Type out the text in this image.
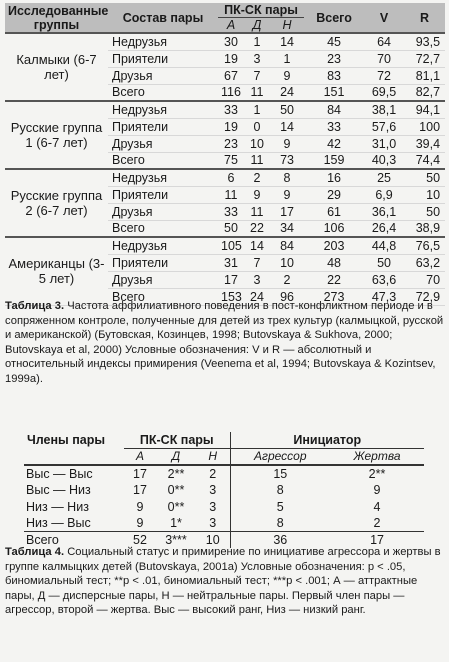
Исследованные группы	Состав пары	ПК-СК пары			Всего	V	R
		А	Д	Н			
Калмыки (6-7 лет)	Недрузья	30	1	14	45	64	93,5
	Приятели	19	3	1	23	70	72,7
	Друзья	67	7	9	83	72	81,1
	Всего	116	11	24	151	69,5	82,7
Русские группа 1 (6-7 лет)	Недрузья	33	1	50	84	38,1	94,1
	Приятели	19	0	14	33	57,6	100
	Друзья	23	10	9	42	31,0	39,4
	Всего	75	11	73	159	40,3	74,4
Русские группа 2 (6-7 лет)	Недрузья	6	2	8	16	25	50
	Приятели	11	9	9	29	6,9	10
	Друзья	33	11	17	61	36,1	50
	Всего	50	22	34	106	26,4	38,9
Американцы (3-5 лет)	Недрузья	105	14	84	203	44,8	76,5
	Приятели	31	7	10	48	50	63,2
	Друзья	17	3	2	22	63,6	70
	Всего	153	24	96	273	47,3	72,9
Таблица 3. Частота аффилиативного поведения в пост-конфликтном периоде и в сопряженном контроле, полученные для детей из трех культур (калмыцкой, русской и американской) (Бутовская, Козинцев, 1998; Butovskaya & Sukhova, 2000; Butovskaya et al, 2000) Условные обозначения: V и R — абсолютный и относительный индексы примирения (Veenema et al, 1994; Butovskaya & Kozintsev, 1999a).
Члены пары	ПК-СК пары			Инициатор	
	А	Д	Н	Агрессор	Жертва
Выс — Выс	17	2**	2	15	2**
Выс — Низ	17	0**	3	8	9
Низ — Низ	9	0**	3	5	4
Низ — Выс	9	1*	3	8	2
Всего	52	3***	10	36	17
Таблица 4. Социальный статус и примирение по инициативе агрессора и жертвы в группе калмыцких детей (Butovskaya, 2001a) Условные обозначения: p < .05, биномиальный тест; **p < .01, биномиальный тест; ***p < .001; А — аттрактные пары, Д — дисперсные пары, Н — нейтральные пары. Первый член пары — агрессор, второй — жертва. Выс — высокий ранг, Низ — низкий ранг.
